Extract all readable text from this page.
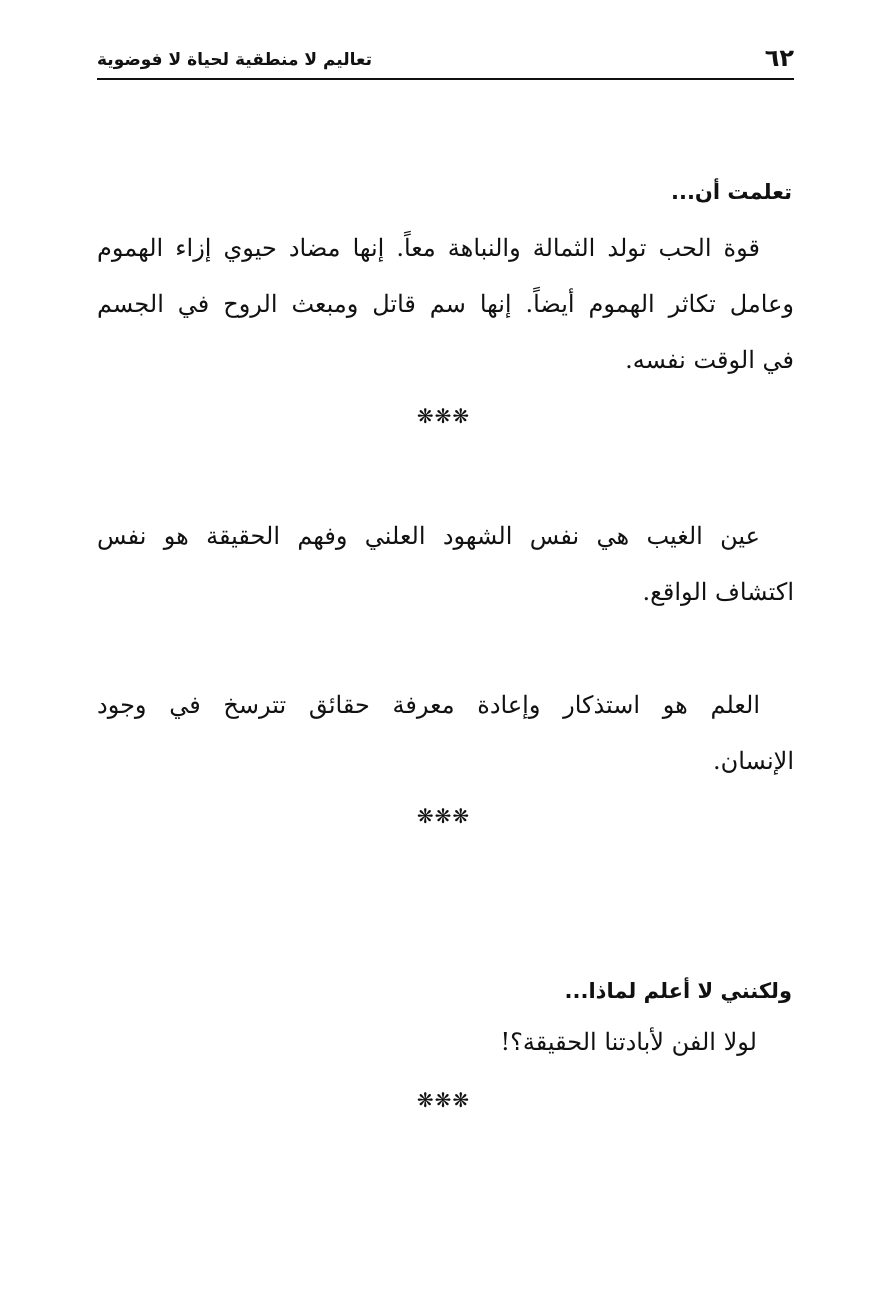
٦٢
تعاليم لا منطقية لحياة لا فوضوية
تعلمت أن...
قوة الحب تولد الثمالة والنباهة معاً. إنها مضاد حيوي إزاء الهموم
وعامل تكاثر الهموم أيضاً. إنها سم قاتل ومبعث الروح في الجسم
في الوقت نفسه.
❋❋❋
عين الغيب هي نفس الشهود العلني وفهم الحقيقة هو نفس
اكتشاف الواقع.
العلم هو استذكار وإعادة معرفة حقائق تترسخ في وجود
الإنسان.
❋❋❋
ولكنني لا أعلم لماذا...
لولا الفن لأبادتنا الحقيقة؟!
❋❋❋
